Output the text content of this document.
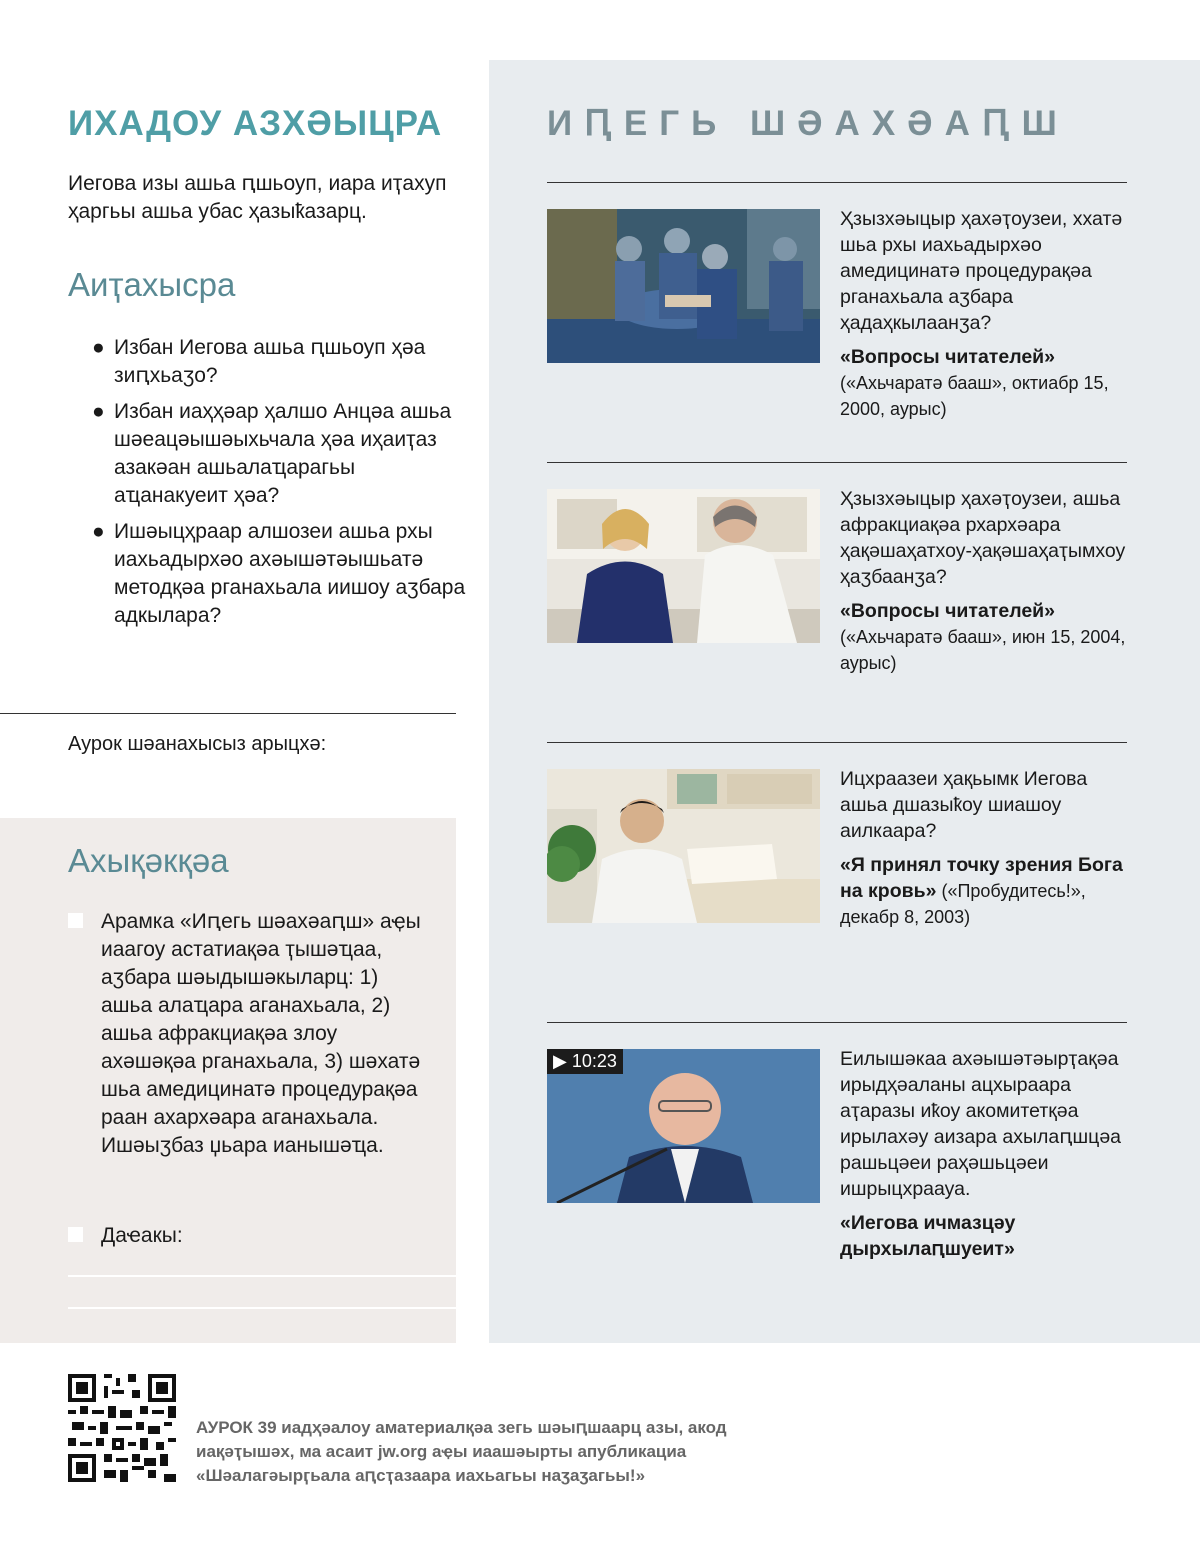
ИХАДОУ АЗХӘЫЦРА
Иегова изы ашьа ԥшьоуп, иара иҭахуп ҳаргьы ашьа убас ҳазыҟазарц.
Аиҭахысра
● Избан Иегова ашьа ԥшьоуп ҳәа зиԥхьаӡо?
● Избан иаҳҳәар ҳалшо Анцәа ашьа шәеацәышәыхьчала ҳәа иҳаиҭаз азакәан ашьалаҵарагьы аҵанакуеит ҳәа?
● Ишәыцҳраар алшозеи ашьа рхы иахьадырхәо ахәышәтәышьатә методқәа рганахьала иишоу аӡбара адкылара?
Аурок шәанахысыз арыцхә:
Ахықәкқәа
Арамка «Иԥегь шәахәаԥш» аҿы иаагоу астатиақәа ҭышәҵаа, аӡбара шәыдышәкыларц: 1) ашьа алаҵара аганахьала, 2) ашьа афракциақәа злоу ахәшәқәа рганахьала, 3) шәхатә шьа амедицинатә процедурақәа раан ахархәара аганахьала. Ишәыӡбаз џьара ианышәҵа.
Даҽакы:
ИԤЕГЬ ШӘАХӘАԤШ
Ҳзызхәыцыр ҳахәҭоузеи, ххатә шьа рхы иахьадырхәо амедицинатә процедурақәа рганахьала аӡбара ҳадаҳкылаанӡа?
«Вопросы читателей» («Ахьчаратә бааш», октиабр 15, 2000, аурыс)
Ҳзызхәыцыр ҳахәҭоузеи, ашьа афракциақәа рхархәара ҳақәшаҳатхоу-ҳақәшаҳаҭымхоу ҳаӡбаанӡа?
«Вопросы читателей» («Ахьчаратә бааш», июн 15, 2004, аурыс)
Ицхраазеи ҳақьымк Иегова ашьа дшазыҟоу шиашоу аилкаара?
«Я принял точку зрения Бога на кровь» («Пробудитесь!», декабр 8, 2003)
▶ 10:23	Еилышәкаа ахәышәтәырҭақәа ирыдҳәаланы ацхыраара аҭаразы иҟоу акомитетқәа ирылахәу аизара ахылаԥшцәа рашьцәеи раҳәшьцәеи ишрыцхраауа.
«Иегова ичмазцәу дырхылаԥшуеит»
АУРОК 39 иадҳәалоу аматериалқәа зегь шәыԥшаарц азы, акод иақәҭышәх, ма асаит jw.org аҿы иаашәырты апубликациа «Шәалагәырӷьала аԥсҭазаара иахьагьы наӡаӡагьы!»
